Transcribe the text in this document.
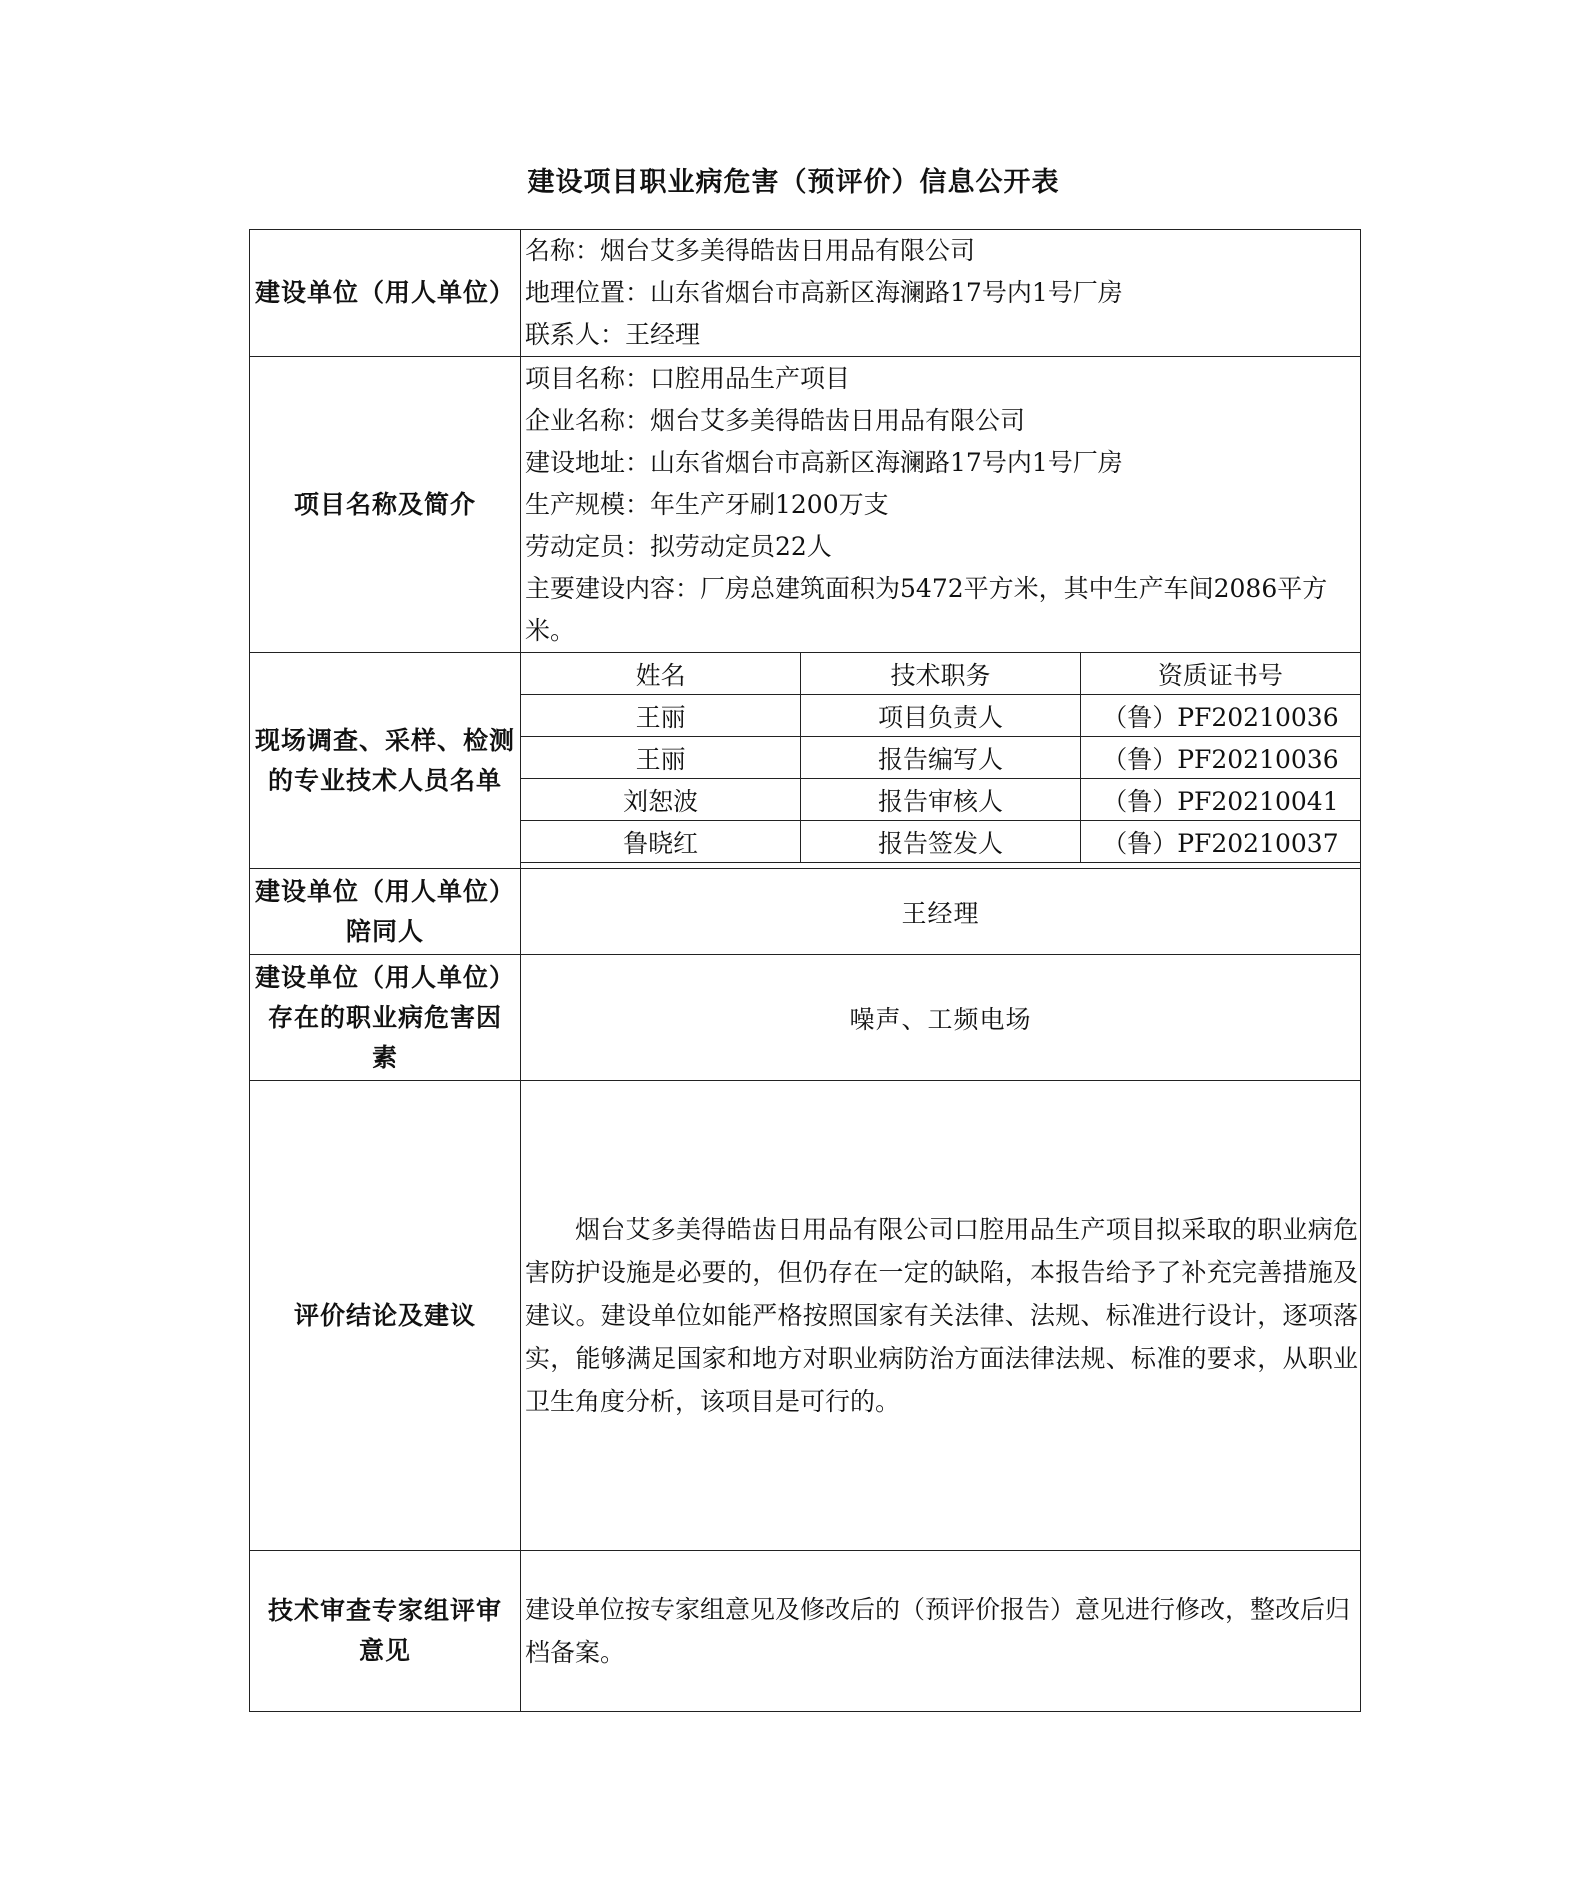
建设项目职业病危害（预评价）信息公开表
建设单位（用人单位）	
名称：烟台艾多美得皓齿日用品有限公司
地理位置：山东省烟台市高新区海澜路17号内1号厂房
联系人：王经理

项目名称及简介	
项目名称：口腔用品生产项目
企业名称：烟台艾多美得皓齿日用品有限公司
建设地址：山东省烟台市高新区海澜路17号内1号厂房
生产规模：年生产牙刷1200万支
劳动定员：拟劳动定员22人
主要建设内容：厂房总建筑面积为5472平方米，其中生产车间2086平方米。

现场调查、采样、检测
的专业技术人员名单

姓名	技术职务	资质证书号
王丽	项目负责人	（鲁）PF20210036
王丽	报告编写人	（鲁）PF20210036
刘恕波	报告审核人	（鲁）PF20210041
鲁晓红	报告签发人	（鲁）PF20210037

建设单位（用人单位）
陪同人
	王经理

建设单位（用人单位）
存在的职业病危害因
素
	噪声、工频电场
评价结论及建议	
烟台艾多美得皓齿日用品有限公司口腔用品生产项目拟采取的职业病危害防护设施是必要的，但仍存在一定的缺陷，本报告给予了补充完善措施及建议。建设单位如能严格按照国家有关法律、法规、标准进行设计，逐项落实，能够满足国家和地方对职业病防治方面法律法规、标准的要求，从职业卫生角度分析，该项目是可行的。

技术审查专家组评审
意见

建设单位按专家组意见及修改后的（预评价报告）意见进行修改，整改后归档备案。
